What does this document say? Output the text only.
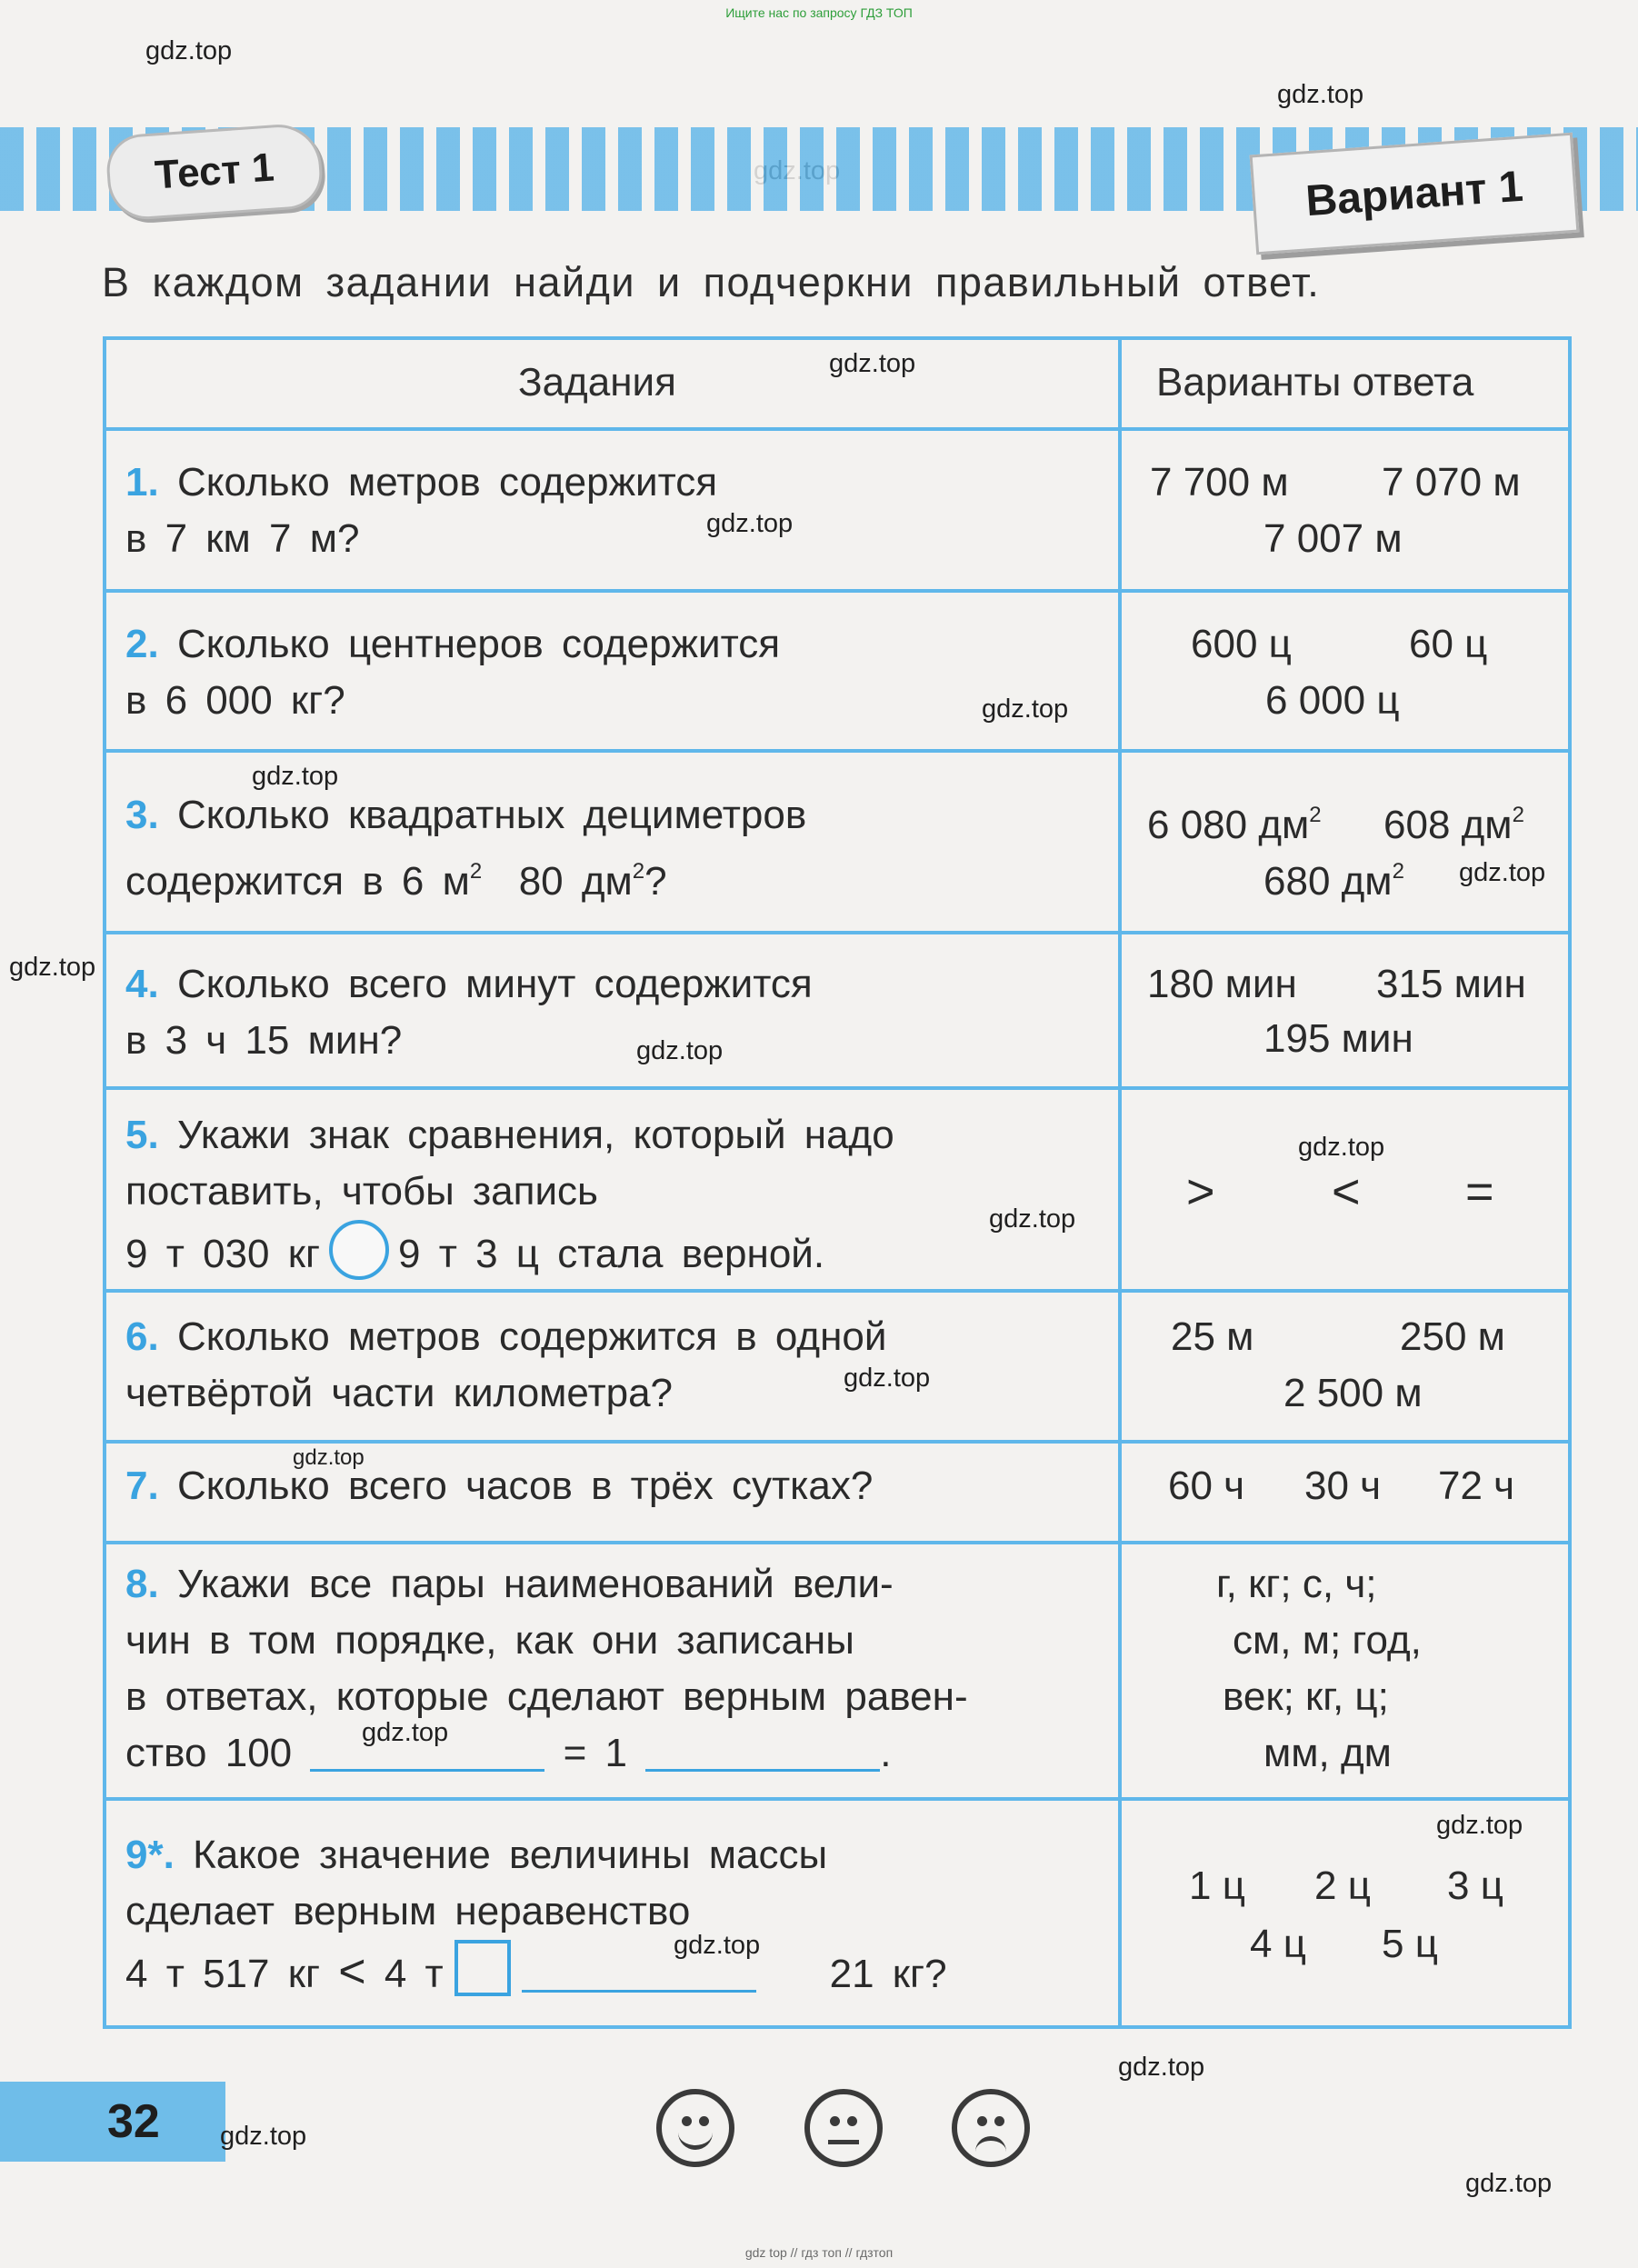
Ищите нас по запросу ГДЗ ТОП
gdz.top
gdz.top
Тест 1	Вариант 1
В каждом задании найди и подчеркни правильный ответ.
Задания	Варианты ответа
1. Сколько метров содержится
в 7 км 7 м?
7 700 м 7 070 м
7 007 м
gdz.top
2. Сколько центнеров содержится
в 6 000 кг?
600 ц	60 ц
6 000 ц
gdz.top
gdz.top
gdz.top
3. Сколько квадратных дециметров
содержится в 6 $м^2$ 80 $дм^2$?
6 080 $дм^2$ 608 $дм^2$
680 $дм^2$ gdz.top
gdz.top 4. Сколько всего минут содержится
в 3 ч 15 мин?
180 мин 315 мин
195 мин
gdz.top
5. Укажи знак сравнения, который надо
поставить, чтобы запись
9 т 030 кг 9 т 3 ц стала верной.
> < =
gdz.top
gdz.top
6. Сколько метров содержится в одной
четвёртой части километра?
25 м	250 м
2 500 м
gdz.top
gdz.top
7. Сколько всего часов в трёх сутках?	60 ч 30 ч 72 ч
8. Укажи все пары наименований вели-
чин в том порядке, как они записаны
в ответах, которые сделают верным равен-
ство 100	= 1	.
г, кг; с, ч;
см, м; год,
век; кг, ц;
мм, дм
gdz.top
9*. Какое значение величины массы
сделает верным неравенство
4 т 517 кг < 4 т	21 кг?
1 ц 2 ц 3 ц
4 ц 5 ц
gdz.top
gdz.top
gdz.top
32 gdz.top
gdz.top
gdz top // гдз топ // гдзтоп
